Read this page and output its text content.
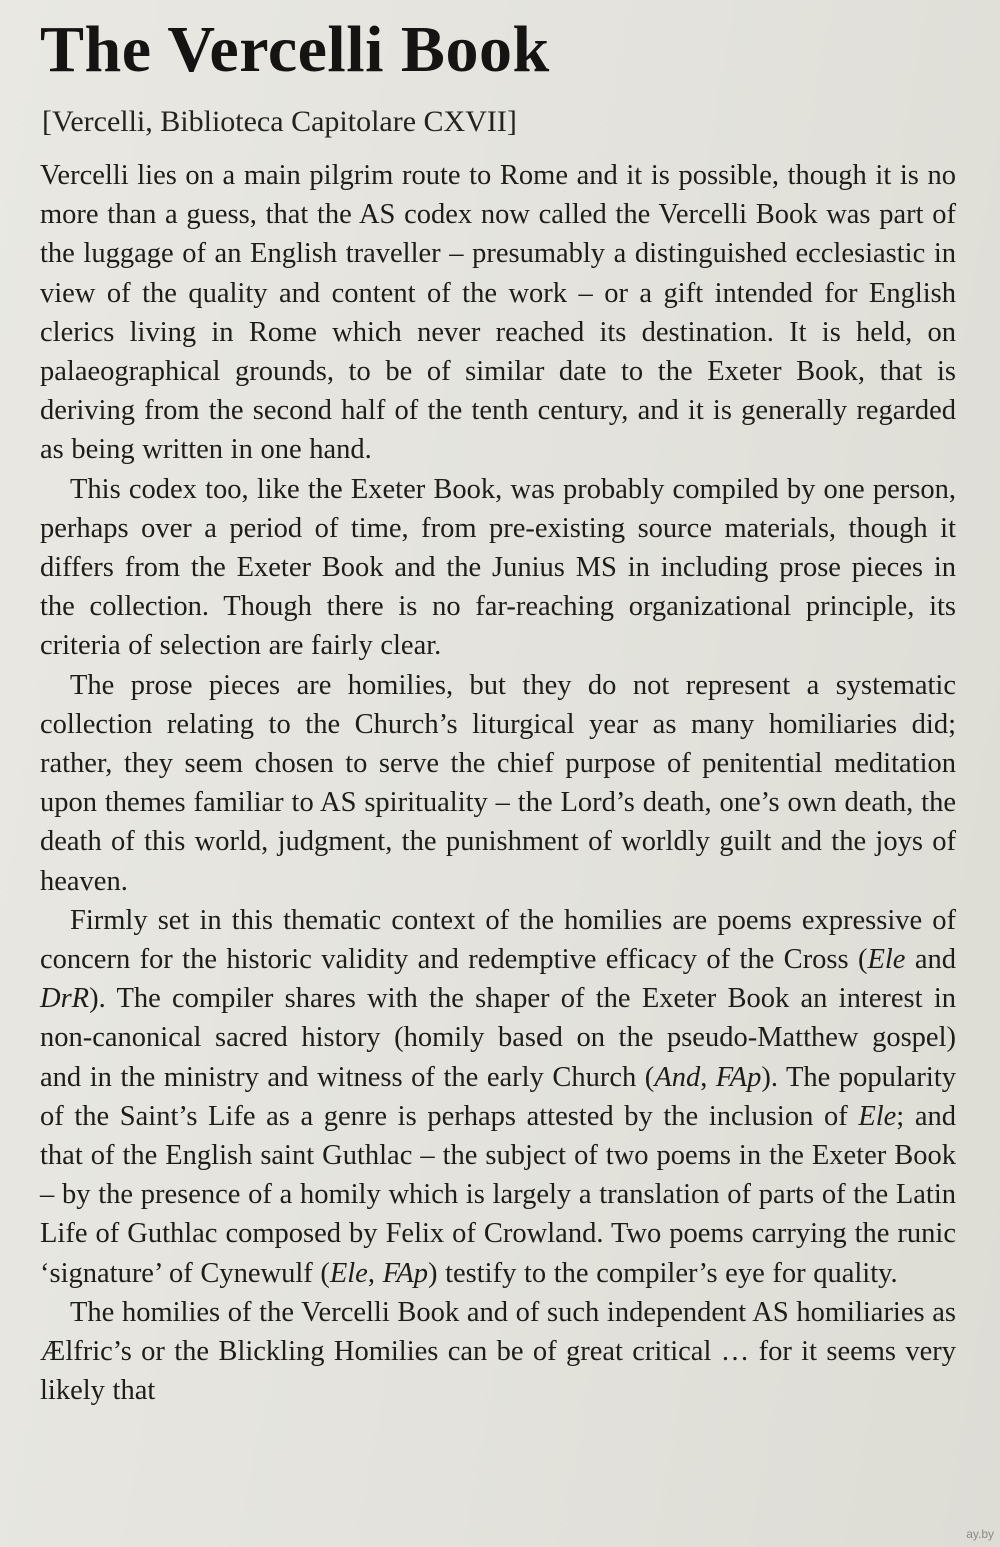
The Vercelli Book
[Vercelli, Biblioteca Capitolare CXVII]

Vercelli lies on a main pilgrim route to Rome and it is possible, though it is no more than a guess, that the AS codex now called the Vercelli Book was part of the luggage of an English traveller – presumably a distinguished ecclesiastic in view of the quality and content of the work – or a gift intended for English clerics living in Rome which never reached its destination. It is held, on palaeographical grounds, to be of similar date to the Exeter Book, that is deriving from the second half of the tenth century, and it is generally regarded as being written in one hand.

This codex too, like the Exeter Book, was probably compiled by one person, perhaps over a period of time, from pre-existing source materials, though it differs from the Exeter Book and the Junius MS in including prose pieces in the collection. Though there is no far-reaching organizational principle, its criteria of selection are fairly clear.

The prose pieces are homilies, but they do not represent a systematic collection relating to the Church’s liturgical year as many homiliaries did; rather, they seem chosen to serve the chief purpose of penitential meditation upon themes familiar to AS spirituality – the Lord’s death, one’s own death, the death of this world, judgment, the punishment of worldly guilt and the joys of heaven.

Firmly set in this thematic context of the homilies are poems expressive of concern for the historic validity and redemptive efficacy of the Cross (Ele and DrR). The compiler shares with the shaper of the Exeter Book an interest in non-canonical sacred history (homily based on the pseudo-Matthew gospel) and in the ministry and witness of the early Church (And, FAp). The popularity of the Saint’s Life as a genre is perhaps attested by the inclusion of Ele; and that of the English saint Guthlac – the subject of two poems in the Exeter Book – by the presence of a homily which is largely a translation of parts of the Latin Life of Guthlac composed by Felix of Crowland. Two poems carrying the runic ‘signature’ of Cynewulf (Ele, FAp) testify to the compiler’s eye for quality.

The homilies of the Vercelli Book and of such independent AS homiliaries as Ælfric’s or the Blickling Homilies can be of great critical … for it seems very likely that

ay.by
